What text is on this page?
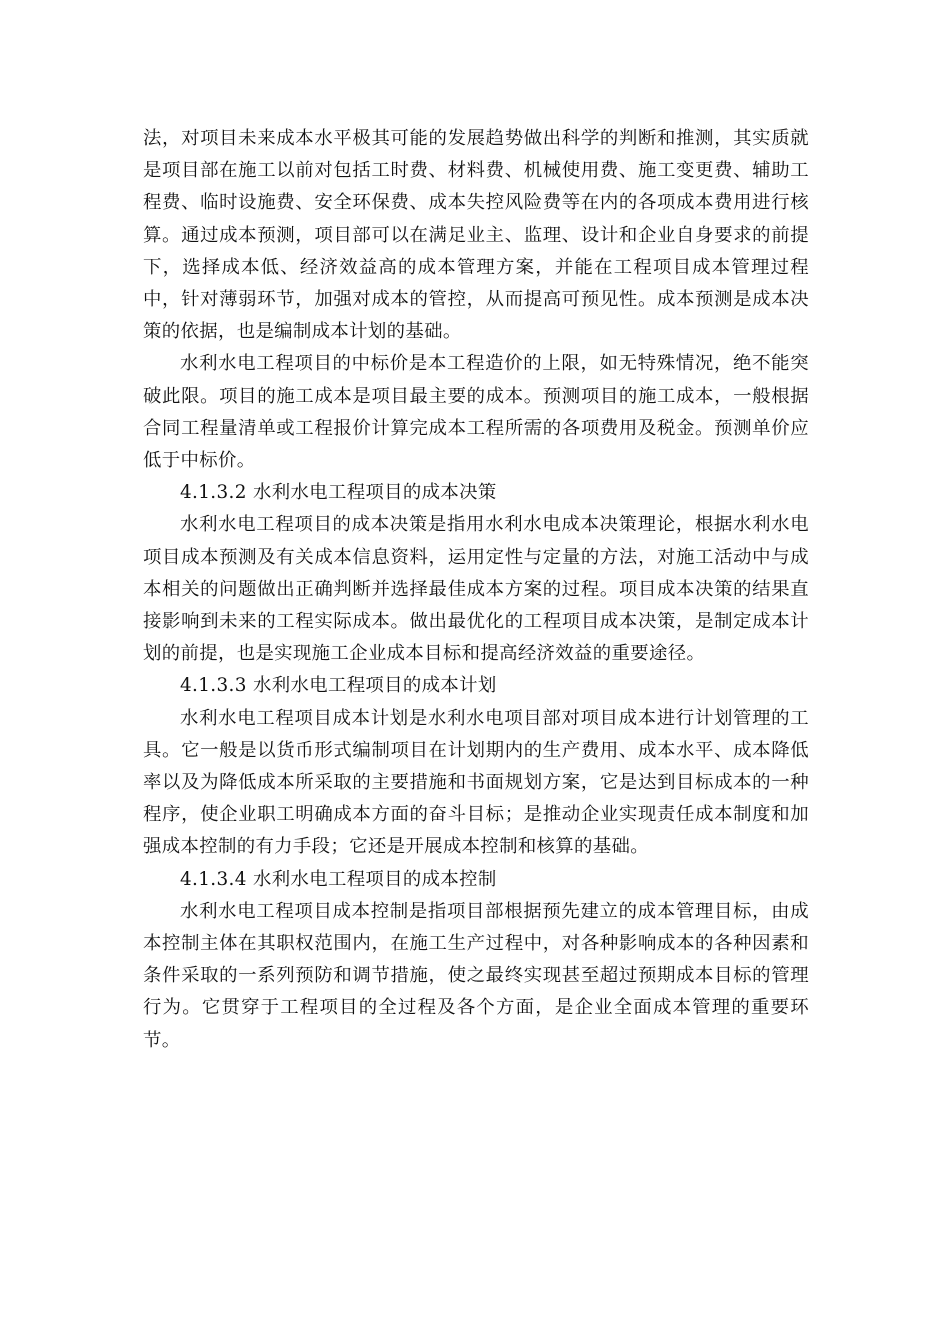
法，对项目未来成本水平极其可能的发展趋势做出科学的判断和推测，其实质就是项目部在施工以前对包括工时费、材料费、机械使用费、施工变更费、辅助工程费、临时设施费、安全环保费、成本失控风险费等在内的各项成本费用进行核算。通过成本预测，项目部可以在满足业主、监理、设计和企业自身要求的前提下，选择成本低、经济效益高的成本管理方案，并能在工程项目成本管理过程中，针对薄弱环节，加强对成本的管控，从而提高可预见性。成本预测是成本决策的依据，也是编制成本计划的基础。

水利水电工程项目的中标价是本工程造价的上限，如无特殊情况，绝不能突破此限。项目的施工成本是项目最主要的成本。预测项目的施工成本，一般根据合同工程量清单或工程报价计算完成本工程所需的各项费用及税金。预测单价应低于中标价。

4.1.3.2 水利水电工程项目的成本决策

水利水电工程项目的成本决策是指用水利水电成本决策理论，根据水利水电项目成本预测及有关成本信息资料，运用定性与定量的方法，对施工活动中与成本相关的问题做出正确判断并选择最佳成本方案的过程。项目成本决策的结果直接影响到未来的工程实际成本。做出最优化的工程项目成本决策，是制定成本计划的前提，也是实现施工企业成本目标和提高经济效益的重要途径。

4.1.3.3 水利水电工程项目的成本计划

水利水电工程项目成本计划是水利水电项目部对项目成本进行计划管理的工具。它一般是以货币形式编制项目在计划期内的生产费用、成本水平、成本降低率以及为降低成本所采取的主要措施和书面规划方案，它是达到目标成本的一种程序，使企业职工明确成本方面的奋斗目标；是推动企业实现责任成本制度和加强成本控制的有力手段；它还是开展成本控制和核算的基础。

4.1.3.4 水利水电工程项目的成本控制

水利水电工程项目成本控制是指项目部根据预先建立的成本管理目标，由成本控制主体在其职权范围内，在施工生产过程中，对各种影响成本的各种因素和条件采取的一系列预防和调节措施，使之最终实现甚至超过预期成本目标的管理行为。它贯穿于工程项目的全过程及各个方面，是企业全面成本管理的重要环节。
